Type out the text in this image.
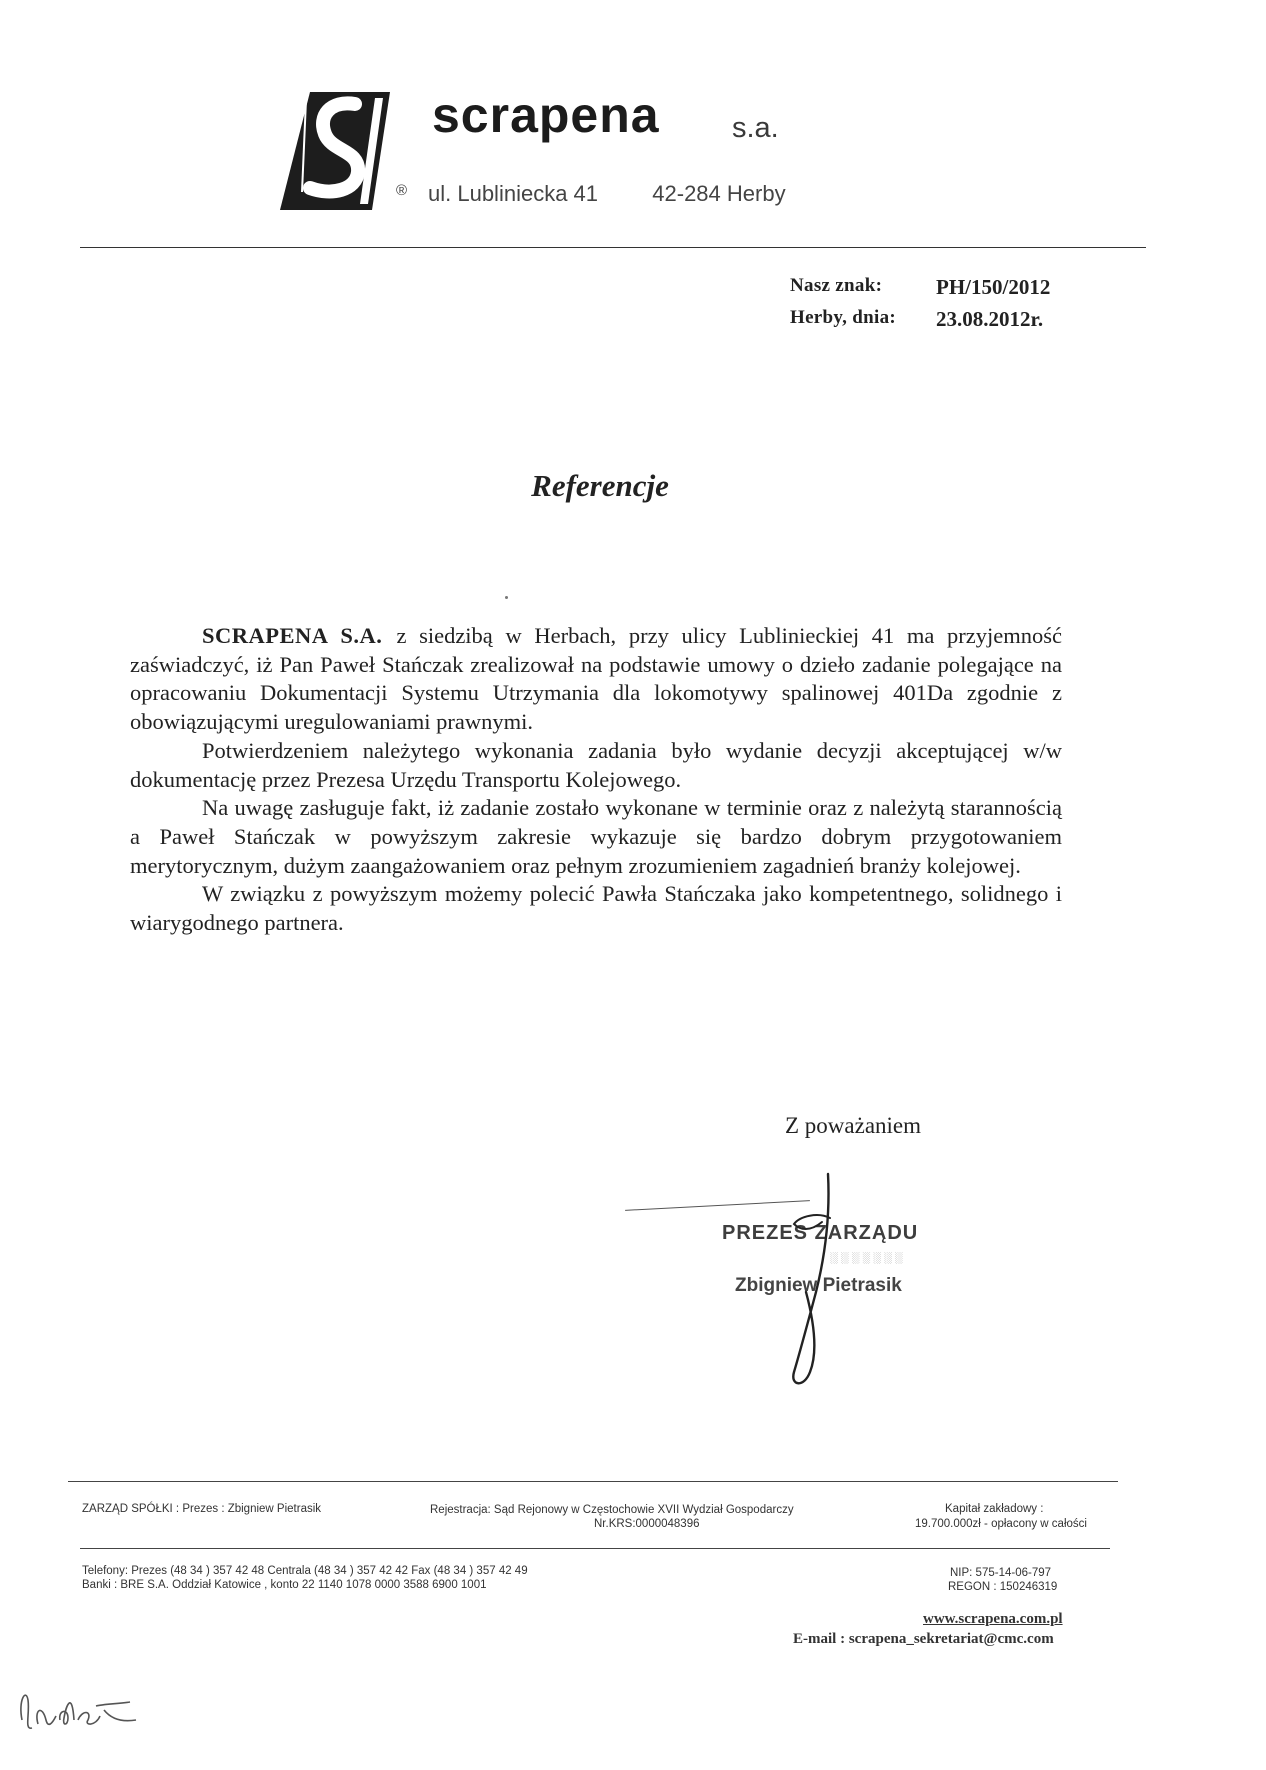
®
scrapena s.a.
ul. Lubliniecka 41 42-284 Herby
Nasz znak:	PH/150/2012
Herby, dnia:	23.08.2012r.
Referencje

SCRAPENA S.A. z siedzibą w Herbach, przy ulicy Lublinieckiej 41 ma przyjemność zaświadczyć, iż Pan Paweł Stańczak zrealizował na podstawie umowy o dzieło zadanie polegające na opracowaniu Dokumentacji Systemu Utrzymania dla lokomotywy spalinowej 401Da zgodnie z obowiązującymi uregulowaniami prawnymi.

Potwierdzeniem należytego wykonania zadania było wydanie decyzji akceptującej w/w dokumentację przez Prezesa Urzędu Transportu Kolejowego.

Na uwagę zasługuje fakt, iż zadanie zostało wykonane w terminie oraz z należytą starannością a Paweł Stańczak w powyższym zakresie wykazuje się bardzo dobrym przygotowaniem merytorycznym, dużym zaangażowaniem oraz pełnym zrozumieniem zagadnień branży kolejowej.

W związku z powyższym możemy polecić Pawła Stańczaka jako kompetentnego, solidnego i wiarygodnego partnera.

Z poważaniem
PREZES ZARZĄDU
░░░░░░░
Zbigniew Pietrasik
ZARZĄD SPÓŁKI : Prezes : Zbigniew Pietrasik	Rejestracja: Sąd Rejonowy w Częstochowie XVII Wydział Gospodarczy
Nr.KRS:0000048396
Kapitał zakładowy :
19.700.000zł - opłacony w całości
Telefony: Prezes (48 34 ) 357 42 48 Centrala (48 34 ) 357 42 42 Fax (48 34 ) 357 42 49
Banki : BRE S.A. Oddział Katowice , konto 22 1140 1078 0000 3588 6900 1001
NIP: 575-14-06-797
REGON : 150246319
www.scrapena.com.pl
E-mail : scrapena_sekretariat@cmc.com
